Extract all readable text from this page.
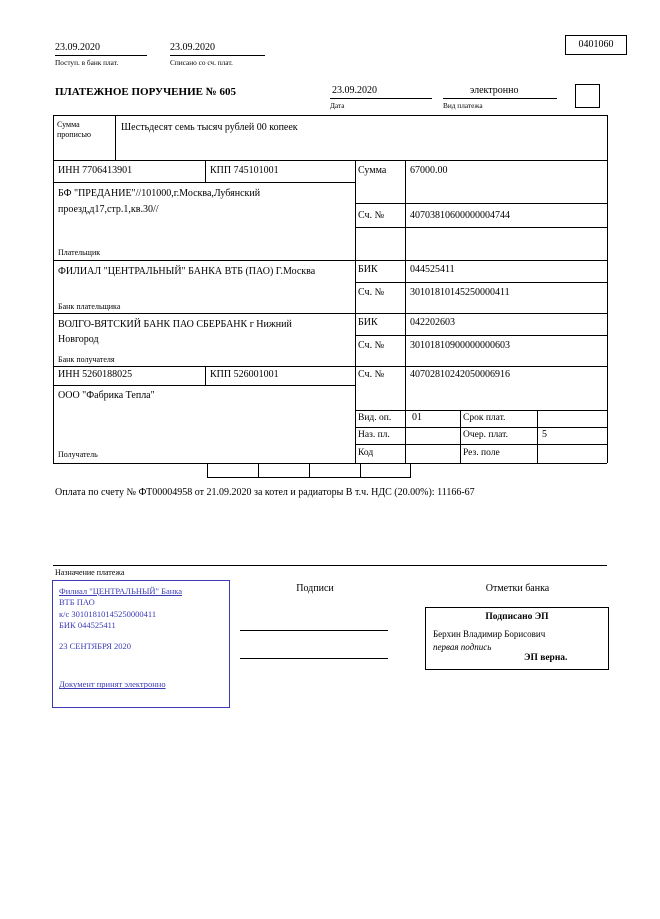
23.09.2020
Поступ. в банк плат.
23.09.2020
Списано со сч. плат.
0401060
ПЛАТЕЖНОЕ ПОРУЧЕНИЕ № 605	23.09.2020
Дата
электронно
Вид платежа
Сумма прописью
Шестьдесят семь тысяч рублей 00 копеек
ИНН 7706413901	КПП 745101001	Сумма 67000.00
БФ "ПРЕДАНИЕ"//101000,г.Москва,Лубянский проезд,д17,стр.1,кв.30//
Сч. №	40703810600000004744
Плательщик
ФИЛИАЛ "ЦЕНТРАЛЬНЫЙ" БАНКА ВТБ (ПАО) Г.Москва	БИК	044525411
Сч. №	30101810145250000411
Банк плательщика
ВОЛГО-ВЯТСКИЙ БАНК ПАО СБЕРБАНК г Нижний Новгород
БИК	042202603
Сч. №	30101810900000000603
Банк получателя
ИНН 5260188025	КПП 526001001	Сч. №	40702810242050006916
ООО "Фабрика Тепла"
Вид. оп. 01	Срок плат.
Наз. пл.	Очер. плат.	5
Получатель	Код	Рез. поле
Оплата по счету № ФТ00004958 от 21.09.2020 за котел и радиаторы В т.ч. НДС (20.00%): 11166-67
Назначение платежа
Филиал "ЦЕНТРАЛЬНЫЙ" Банка
ВТБ ПАО
к/с 30101810145250000411
БИК 044525411
23 СЕНТЯБРЯ 2020
Документ принят электронно
Подписи	Отметки банка
Подписано ЭП
Берхин Владимир Борисович
первая подпись
ЭП верна.
